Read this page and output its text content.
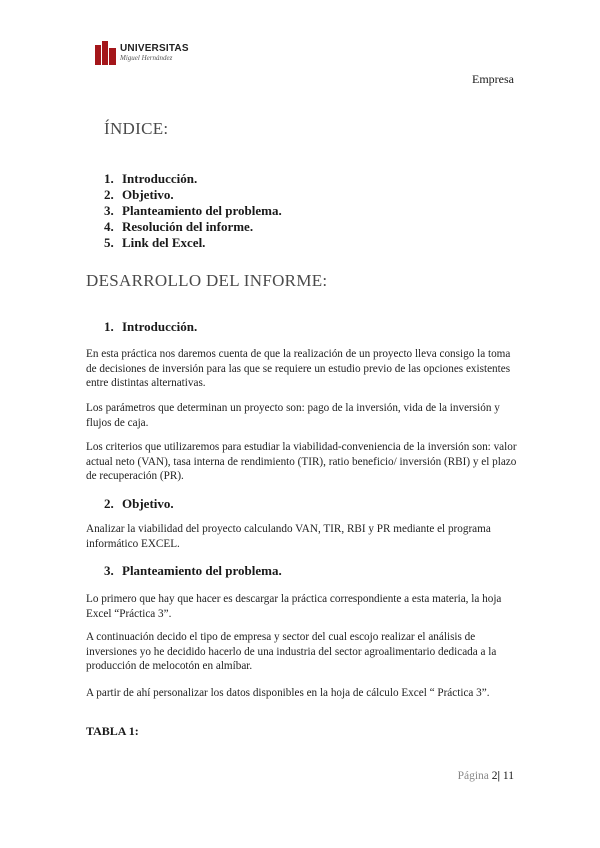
UNIVERSITAS
Miguel Hernández
Empresa
ÍNDICE:
1. Introducción.
2. Objetivo.
3. Planteamiento del problema.
4. Resolución del informe.
5. Link del Excel.
DESARROLLO DEL INFORME:
1. Introducción.

En esta práctica nos daremos cuenta de que la realización de un proyecto lleva consigo la toma de decisiones de inversión para las que se requiere un estudio previo de las opciones existentes entre distintas alternativas.

Los parámetros que determinan un proyecto son: pago de la inversión, vida de la inversión y flujos de caja.

Los criterios que utilizaremos para estudiar la viabilidad-conveniencia de la inversión son: valor actual neto (VAN), tasa interna de rendimiento (TIR), ratio beneficio/ inversión (RBI) y el plazo de recuperación (PR).

2. Objetivo.

Analizar la viabilidad del proyecto calculando VAN, TIR, RBI y PR mediante el programa informático EXCEL.

3. Planteamiento del problema.

Lo primero que hay que hacer es descargar la práctica correspondiente a esta materia, la hoja Excel “Práctica 3”.

A continuación decido el tipo de empresa y sector del cual escojo realizar el análisis de inversiones yo he decidido hacerlo de una industria del sector agroalimentario dedicada a la producción de melocotón en almíbar.

A partir de ahí personalizar los datos disponibles en la hoja de cálculo Excel “ Práctica 3”.

TABLA 1:

Página 2| 11
